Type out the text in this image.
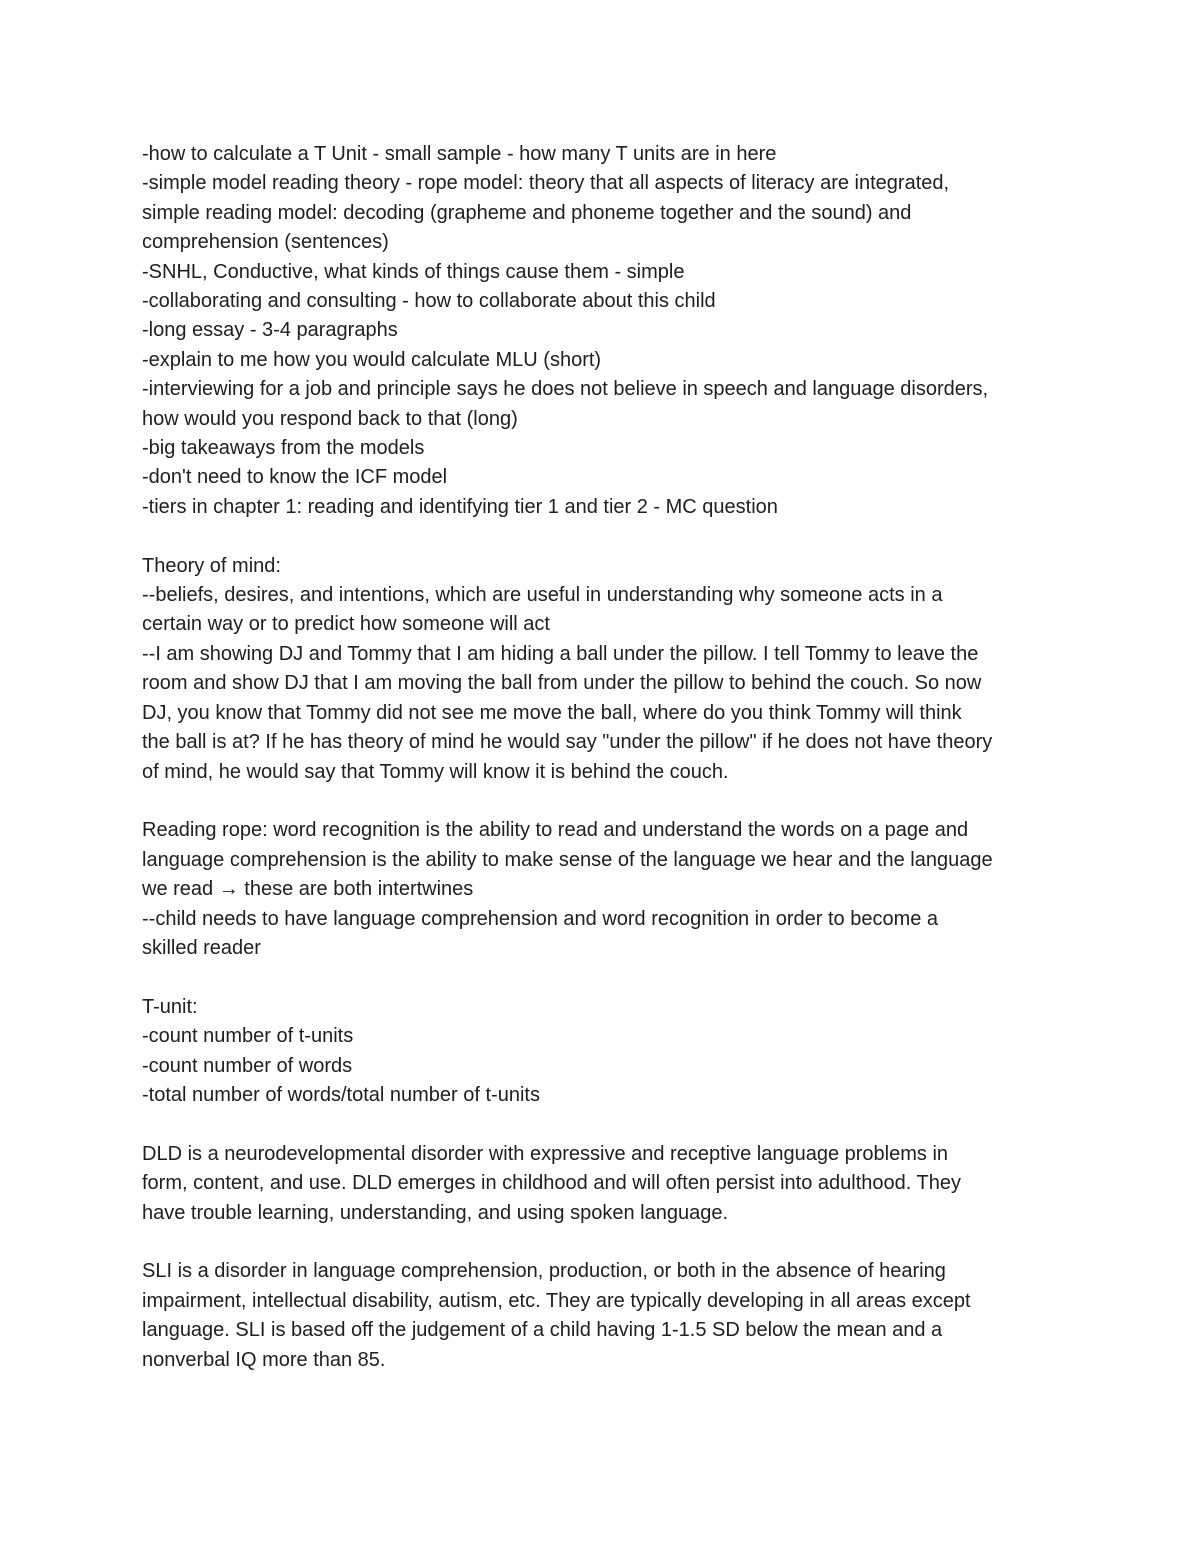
-how to calculate a T Unit - small sample - how many T units are in here
-simple model reading theory - rope model: theory that all aspects of literacy are integrated,
simple reading model: decoding (grapheme and phoneme together and the sound) and
comprehension (sentences)
-SNHL, Conductive, what kinds of things cause them - simple
-collaborating and consulting - how to collaborate about this child
-long essay - 3-4 paragraphs
-explain to me how you would calculate MLU (short)
-interviewing for a job and principle says he does not believe in speech and language disorders,
how would you respond back to that (long)
-big takeaways from the models
-don't need to know the ICF model
-tiers in chapter 1: reading and identifying tier 1 and tier 2 - MC question
Theory of mind:
--beliefs, desires, and intentions, which are useful in understanding why someone acts in a
certain way or to predict how someone will act
--I am showing DJ and Tommy that I am hiding a ball under the pillow. I tell Tommy to leave the
room and show DJ that I am moving the ball from under the pillow to behind the couch. So now
DJ, you know that Tommy did not see me move the ball, where do you think Tommy will think
the ball is at? If he has theory of mind he would say "under the pillow" if he does not have theory
of mind, he would say that Tommy will know it is behind the couch.
Reading rope: word recognition is the ability to read and understand the words on a page and
language comprehension is the ability to make sense of the language we hear and the language
we read → these are both intertwines
--child needs to have language comprehension and word recognition in order to become a
skilled reader
T-unit:
-count number of t-units
-count number of words
-total number of words/total number of t-units
DLD is a neurodevelopmental disorder with expressive and receptive language problems in
form, content, and use. DLD emerges in childhood and will often persist into adulthood. They
have trouble learning, understanding, and using spoken language.
SLI is a disorder in language comprehension, production, or both in the absence of hearing
impairment, intellectual disability, autism, etc. They are typically developing in all areas except
language. SLI is based off the judgement of a child having 1-1.5 SD below the mean and a
nonverbal IQ more than 85.
